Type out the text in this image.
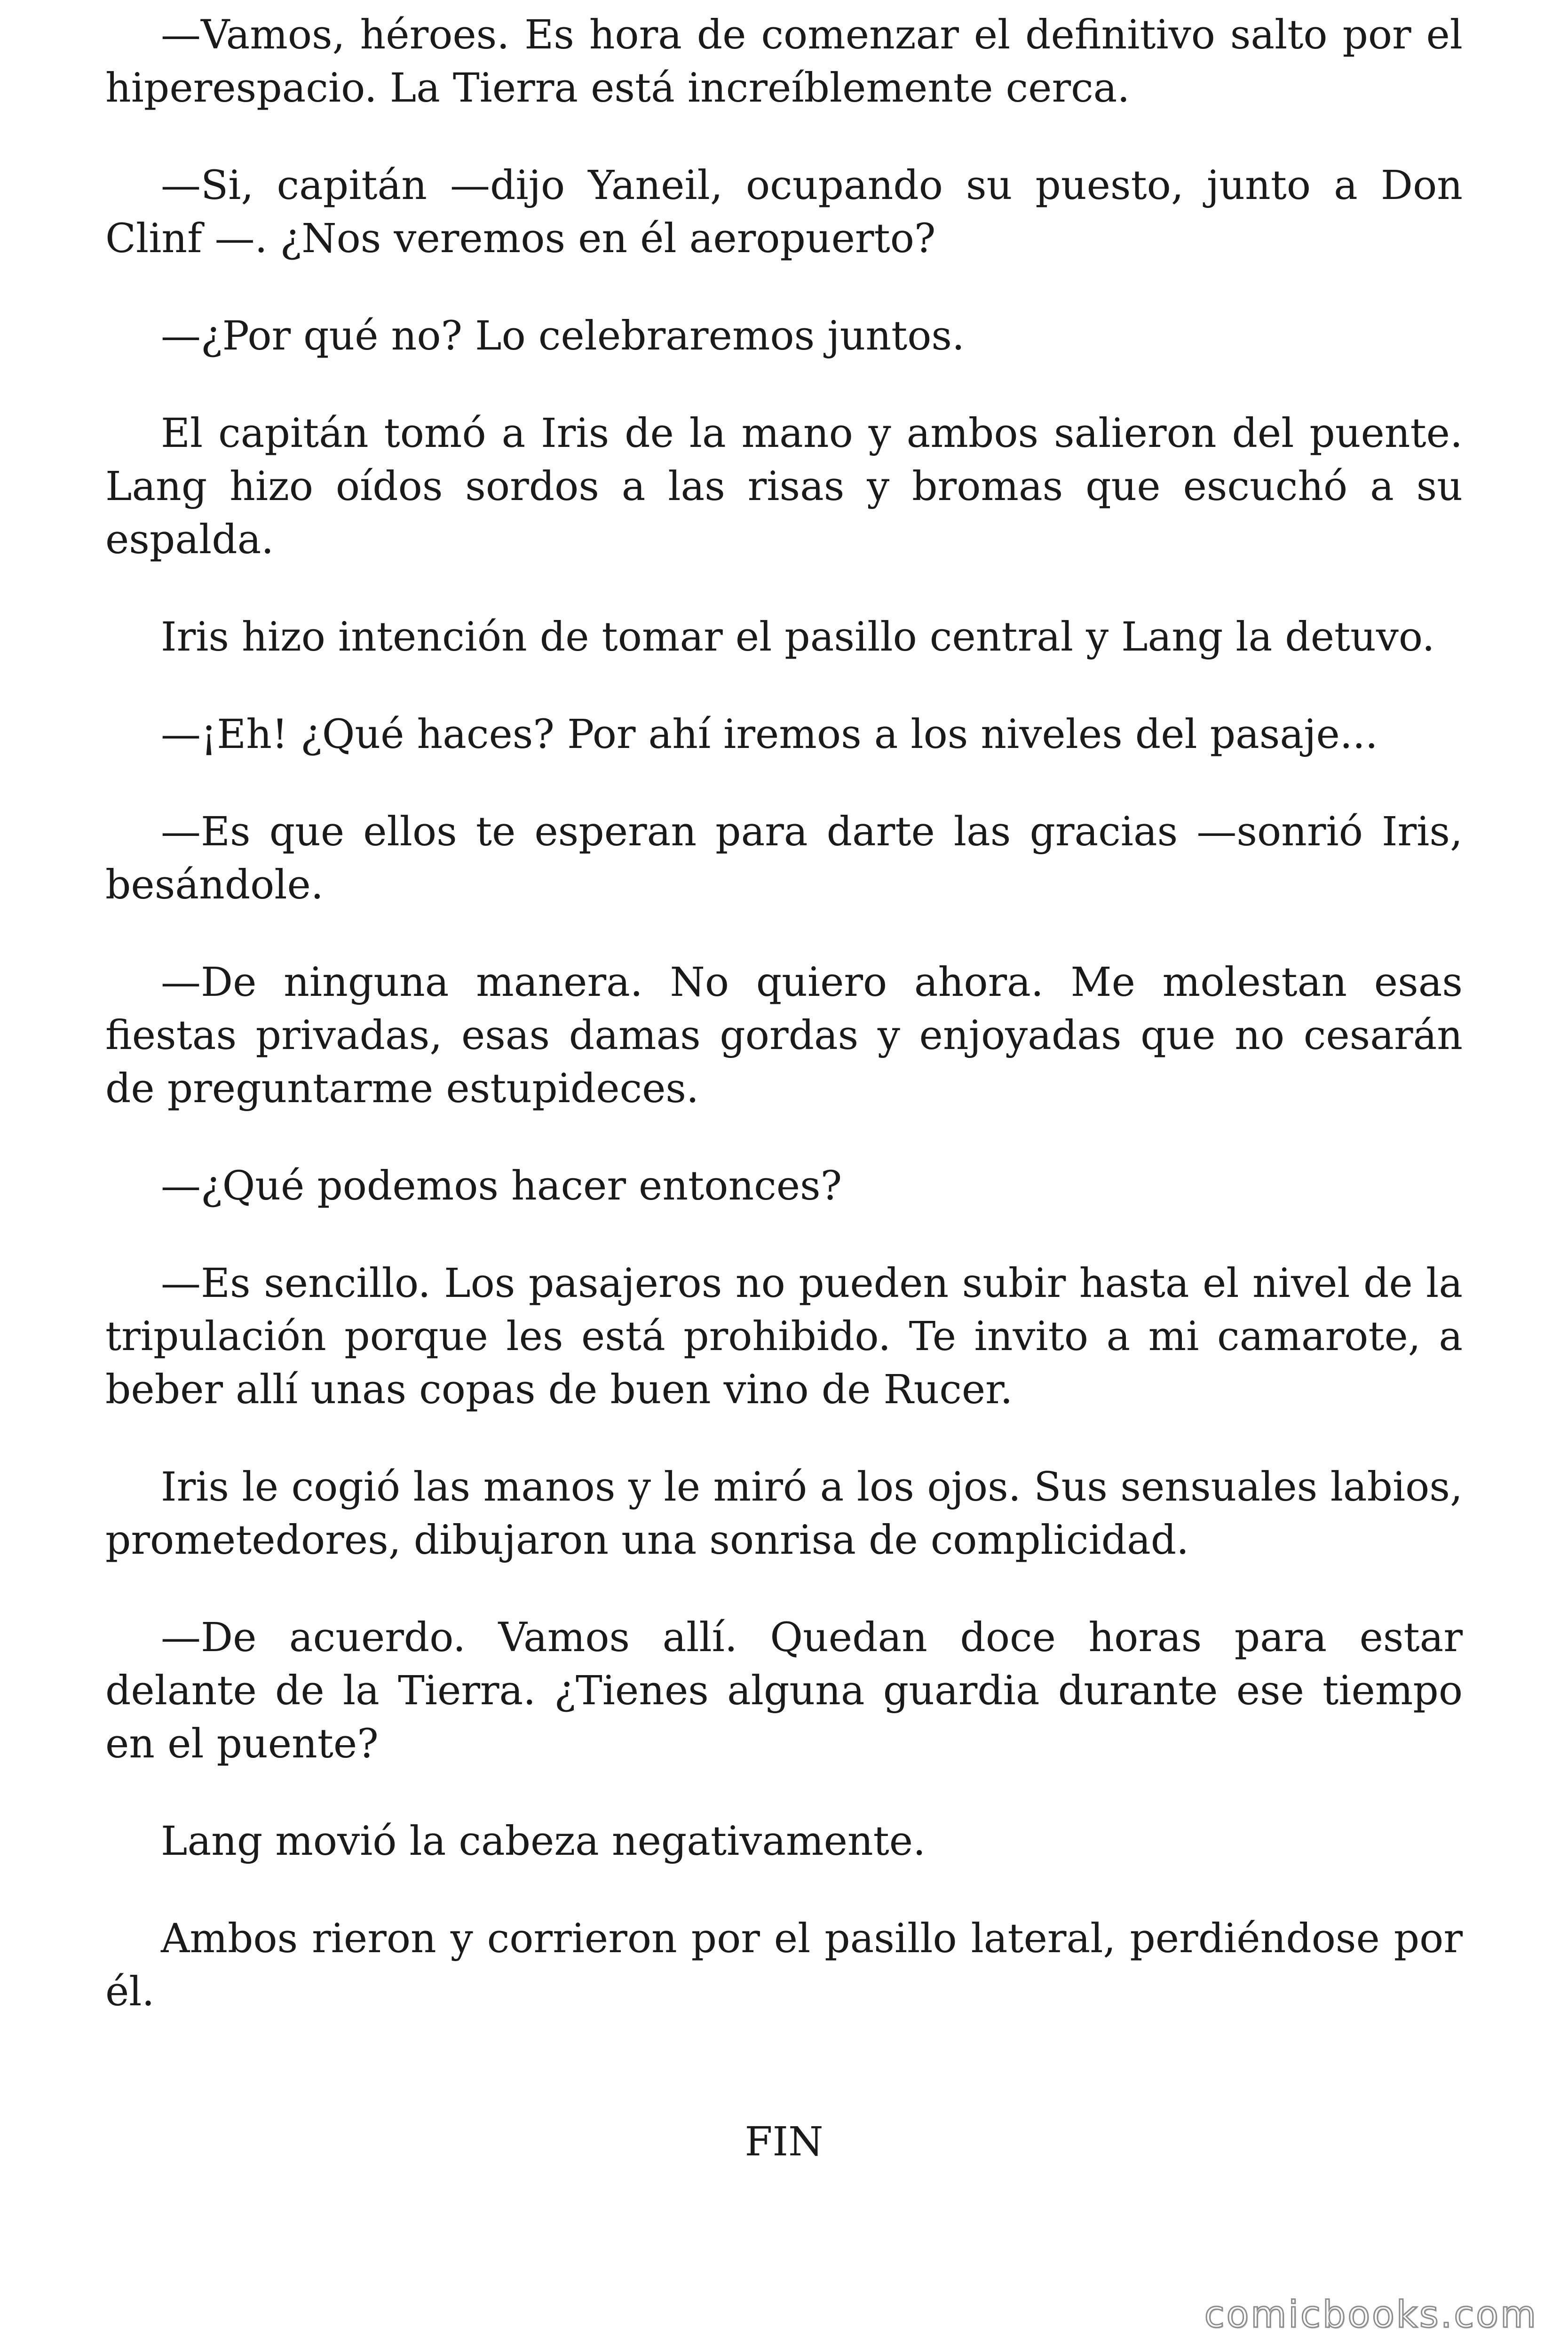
—Vamos, héroes. Es hora de comenzar el definitivo salto por el hiperespacio. La Tierra está increíblemente cerca.

—Si, capitán —dijo Yaneil, ocupando su puesto, junto a Don Clinf —. ¿Nos veremos en él aeropuerto?

—¿Por qué no? Lo celebraremos juntos.

El capitán tomó a Iris de la mano y ambos salieron del puente. Lang hizo oídos sordos a las risas y bromas que escuchó a su espalda.

Iris hizo intención de tomar el pasillo central y Lang la detuvo.

—¡Eh! ¿Qué haces? Por ahí iremos a los niveles del pasaje...

—Es que ellos te esperan para darte las gracias —sonrió Iris, besándole.

—De ninguna manera. No quiero ahora. Me molestan esas fiestas privadas, esas damas gordas y enjoyadas que no cesarán de preguntarme estupideces.

—¿Qué podemos hacer entonces?

—Es sencillo. Los pasajeros no pueden subir hasta el nivel de la tripulación porque les está prohibido. Te invito a mi camarote, a beber allí unas copas de buen vino de Rucer.

Iris le cogió las manos y le miró a los ojos. Sus sensuales labios, prometedores, dibujaron una sonrisa de complicidad.

—De acuerdo. Vamos allí. Quedan doce horas para estar delante de la Tierra. ¿Tienes alguna guardia durante ese tiempo en el puente?

Lang movió la cabeza negativamente.

Ambos rieron y corrieron por el pasillo lateral, perdiéndose por él.

FIN
comicbooks.com
